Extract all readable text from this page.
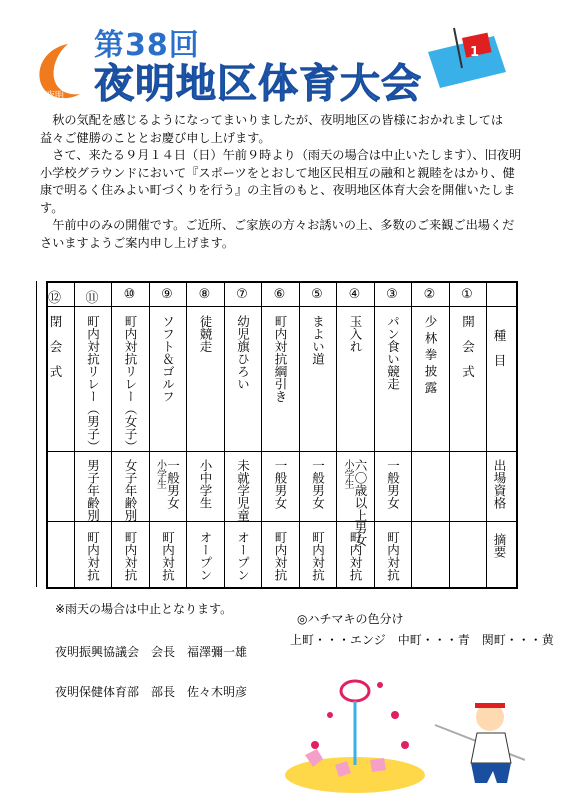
夜明
第38回
夜明地区体育大会
1

秋の気配を感じるようになってまいりましたが、夜明地区の皆様におかれましては益々ご健勝のこととお慶び申し上げます。

さて、来たる９月１４日（日）午前９時より（雨天の場合は中止いたします）、旧夜明小学校グラウンドにおいて『スポーツをとおして地区民相互の融和と親睦をはかり、健康で明るく住みよい町づくりを行う』の主旨のもと、夜明地区体育大会を開催いたします。

午前中のみの開催です。ご近所、ご家族の方々お誘いの上、多数のご来観ご出場くださいますようご案内申し上げます。

①
開　会　式
②
少 林 拳 披 露
③
パン食い競走
一般男女
町内対抗
④
玉入れ
六〇歳以上男女
小学生
町内対抗
⑤
まよい道
一般男女
町内対抗
⑥
町内対抗綱引き
一般男女
町内対抗
⑦
幼児旗ひろい
未就学児童
オープン
⑧
徒競走
小中学生
オープン
⑨
ソフト＆ゴルフ
一般男女
小学生
町内対抗
⑩
町内対抗リレー（女子）
女子年齢別
町内対抗
⑪
町内対抗リレー（男子）
男子年齢別
町内対抗
⑫
閉　会　式	種　目
出場資格
摘要
※雨天の場合は中止となります。
夜明振興協議会　会長　福澤彌一雄
夜明保健体育部　部長　佐々木明彦
◎ハチマキの色分け
上町・・・エンジ　中町・・・青　関町・・・黄
